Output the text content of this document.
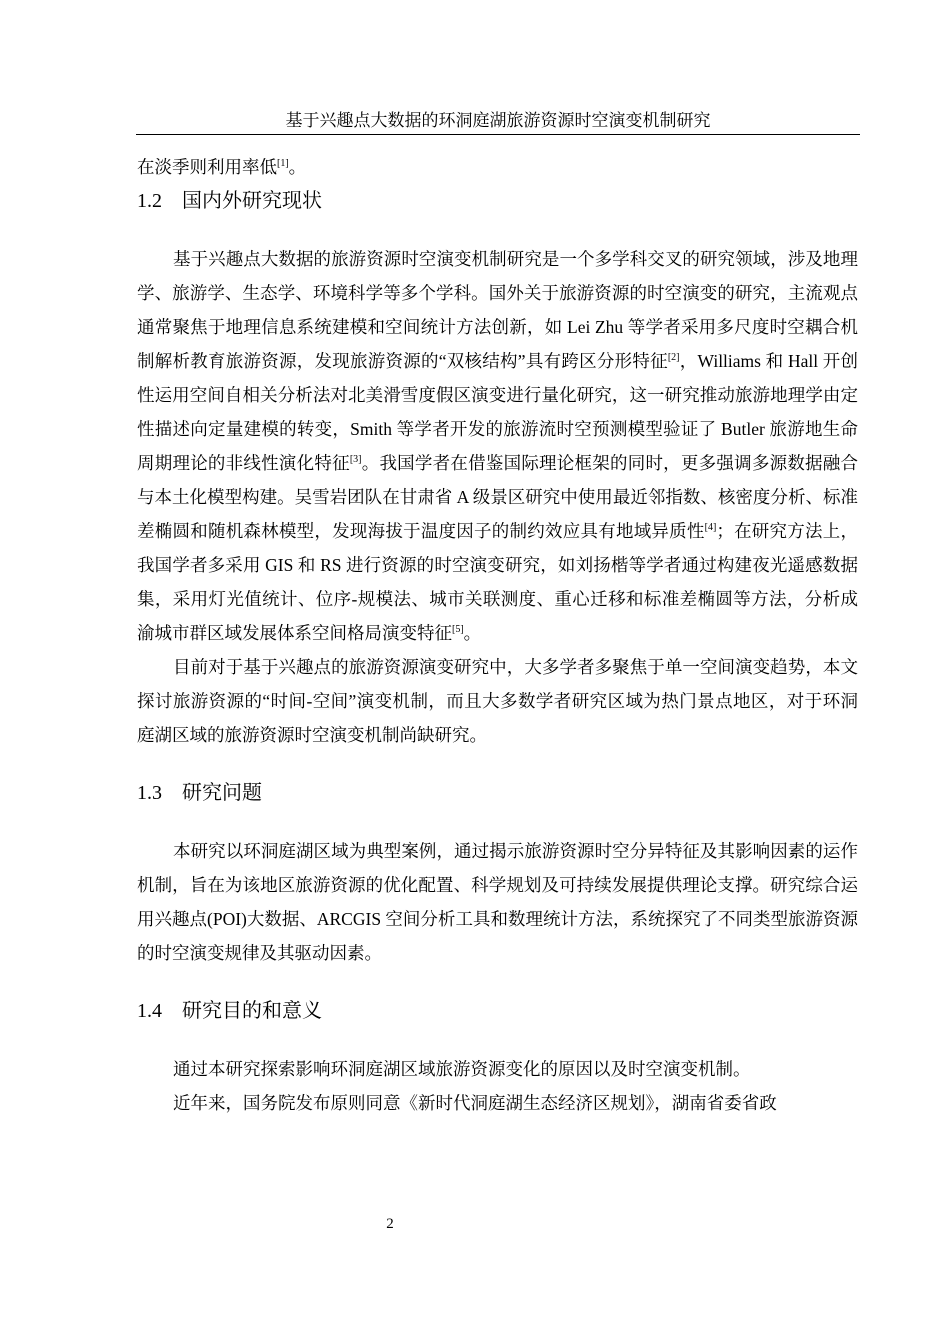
基于兴趣点大数据的环洞庭湖旅游资源时空演变机制研究

在淡季则利用率低[1]。

1.2 国内外研究现状

基于兴趣点大数据的旅游资源时空演变机制研究是一个多学科交叉的研究领域，涉及地理学、旅游学、生态学、环境科学等多个学科。国外关于旅游资源的时空演变的研究，主流观点通常聚焦于地理信息系统建模和空间统计方法创新，如 Lei Zhu 等学者采用多尺度时空耦合机制解析教育旅游资源，发现旅游资源的“双核结构”具有跨区分形特征[2]，Williams 和 Hall 开创性运用空间自相关分析法对北美滑雪度假区演变进行量化研究，这一研究推动旅游地理学由定性描述向定量建模的转变，Smith 等学者开发的旅游流时空预测模型验证了 Butler 旅游地生命周期理论的非线性演化特征[3]。我国学者在借鉴国际理论框架的同时，更多强调多源数据融合与本土化模型构建。吴雪岩团队在甘肃省 A 级景区研究中使用最近邻指数、核密度分析、标准差椭圆和随机森林模型，发现海拔于温度因子的制约效应具有地域异质性[4]；在研究方法上，我国学者多采用 GIS 和 RS 进行资源的时空演变研究，如刘扬楷等学者通过构建夜光遥感数据集，采用灯光值统计、位序-规模法、城市关联测度、重心迁移和标准差椭圆等方法，分析成渝城市群区域发展体系空间格局演变特征[5]。

目前对于基于兴趣点的旅游资源演变研究中，大多学者多聚焦于单一空间演变趋势，本文探讨旅游资源的“时间-空间”演变机制，而且大多数学者研究区域为热门景点地区，对于环洞庭湖区域的旅游资源时空演变机制尚缺研究。

1.3 研究问题

本研究以环洞庭湖区域为典型案例，通过揭示旅游资源时空分异特征及其影响因素的运作机制，旨在为该地区旅游资源的优化配置、科学规划及可持续发展提供理论支撑。研究综合运用兴趣点(POI)大数据、ARCGIS 空间分析工具和数理统计方法，系统探究了不同类型旅游资源的时空演变规律及其驱动因素。

1.4 研究目的和意义

通过本研究探索影响环洞庭湖区域旅游资源变化的原因以及时空演变机制。

近年来，国务院发布原则同意《新时代洞庭湖生态经济区规划》，湖南省委省政

2
